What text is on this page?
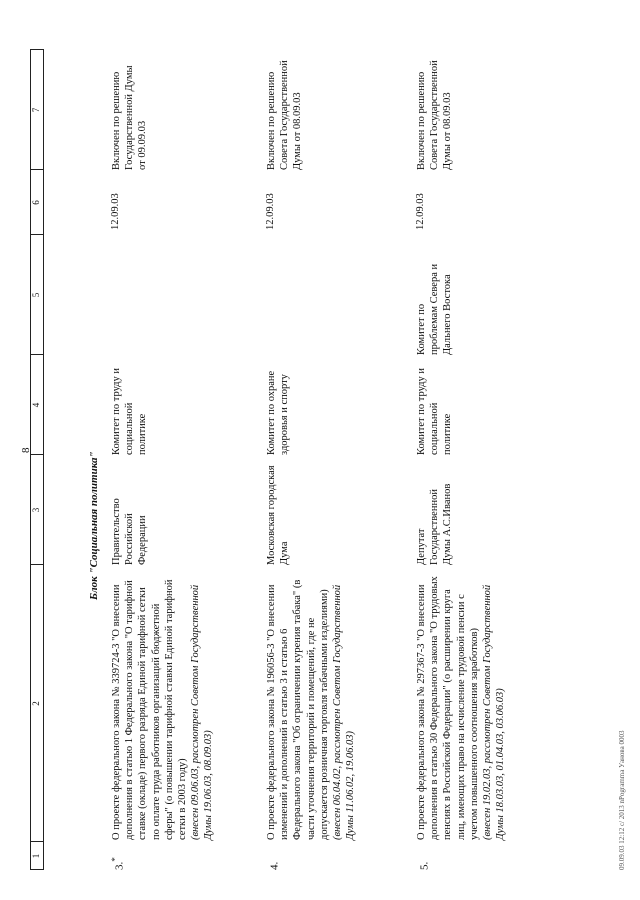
8
1
2
3
4
5
6
7
Блок "Социальная политика"
3.*
О проекте федерального закона № 339724-3 "О внесении дополнения в статью 1 Федерального закона "О тарифной ставке (окладе) первого разряда Единой тарифной сетки по оплате труда работников организаций бюджетной сферы" (о повышении тарифной ставки Единой тарифной сетки в 2003 году) (внесен 09.06.03, рассмотрен Советом Государственной Думы 19.06.03, 08.09.03)
Правительство Российской Федерации
Комитет по труду и социальной политике
12.09.03
Включен по решению Государственной Думы от 09.09.03
4.
О проекте федерального закона № 196056-3 "О внесении изменений и дополнений в статью 3 и статью 6 Федерального закона "Об ограничении курения табака" (в части уточнения территорий и помещений, где не допускается розничная торговля табачными изделиями) (внесен 06.04.02, рассмотрен Советом Государственной Думы 11.06.02, 19.06.03)
Московская городская Дума
Комитет по охране здоровья и спорту
12.09.03
Включен по решению Совета Государственной Думы от 08.09.03
5.
О проекте федерального закона № 297367-3 "О внесении дополнения в статью 30 Федерального закона "О трудовых пенсиях в Российской Федерации" (о расширении круга лиц, имеющих право на исчисление трудовой пенсии с учетом повышенного соотношения заработков) (внесен 19.02.03, рассмотрен Советом Государственной Думы 18.03.03, 01.04.03, 03.06.03)
Депутат Государственной Думы А.С.Иванов
Комитет по труду и социальной политике
Комитет по проблемам Севера и Дальнего Востока
12.09.03
Включен по решению Совета Государственной Думы от 08.09.03
09.09.03 12:12 c/ 2013 nPogramma Уанова 0003
